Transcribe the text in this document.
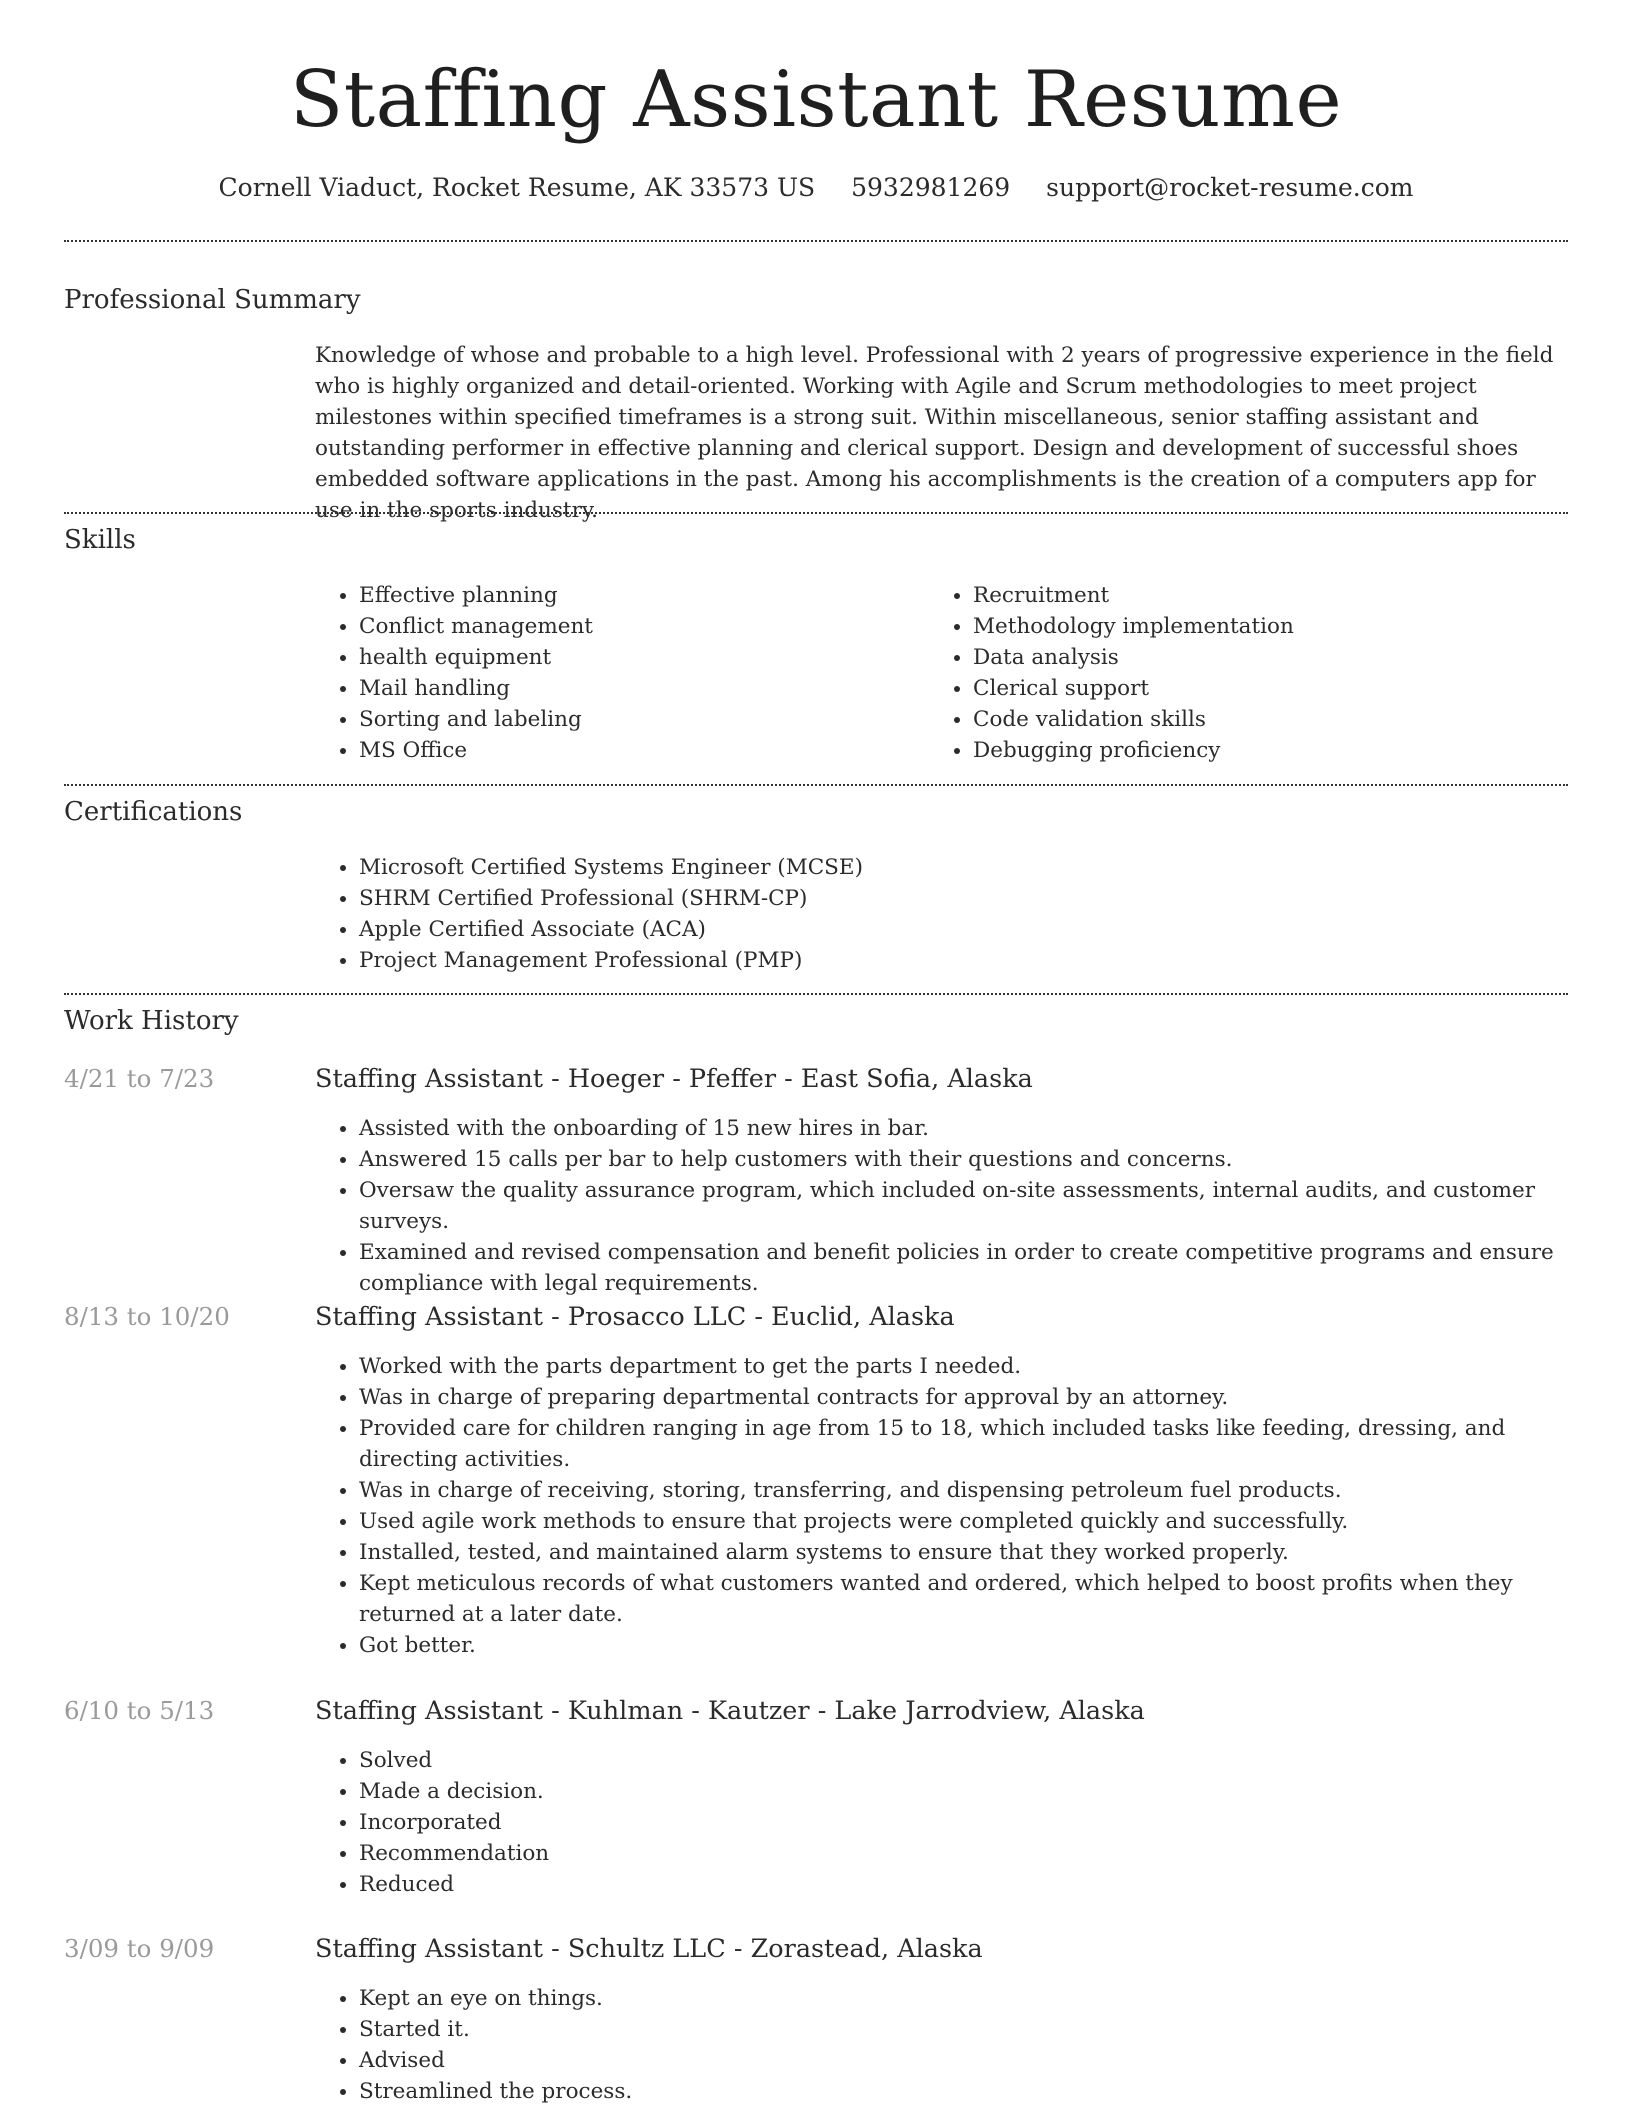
Staffing Assistant Resume
Cornell Viaduct, Rocket Resume, AK 33573 US 5932981269 support@rocket-resume.com
Professional Summary

Knowledge of whose and probable to a high level. Professional with 2 years of progressive experience in the field who is highly organized and detail-oriented. Working with Agile and Scrum methodologies to meet project milestones within specified timeframes is a strong suit. Within miscellaneous, senior staffing assistant and outstanding performer in effective planning and clerical support. Design and development of successful shoes embedded software applications in the past. Among his accomplishments is the creation of a computers app for use in the sports industry.

Skills
• Effective planning
• Conflict management
• health equipment
• Mail handling
• Sorting and labeling
• MS Office
• Recruitment
• Methodology implementation
• Data analysis
• Clerical support
• Code validation skills
• Debugging proficiency
Certifications
• Microsoft Certified Systems Engineer (MCSE)
• SHRM Certified Professional (SHRM-CP)
• Apple Certified Associate (ACA)
• Project Management Professional (PMP)
Work History
4/21 to 7/23	Staffing Assistant - Hoeger - Pfeffer - East Sofia, Alaska
• Assisted with the onboarding of 15 new hires in bar.
• Answered 15 calls per bar to help customers with their questions and concerns.
• Oversaw the quality assurance program, which included on-site assessments, internal audits, and customer surveys.
• Examined and revised compensation and benefit policies in order to create competitive programs and ensure compliance with legal requirements.
8/13 to 10/20	Staffing Assistant - Prosacco LLC - Euclid, Alaska
• Worked with the parts department to get the parts I needed.
• Was in charge of preparing departmental contracts for approval by an attorney.
• Provided care for children ranging in age from 15 to 18, which included tasks like feeding, dressing, and directing activities.
• Was in charge of receiving, storing, transferring, and dispensing petroleum fuel products.
• Used agile work methods to ensure that projects were completed quickly and successfully.
• Installed, tested, and maintained alarm systems to ensure that they worked properly.
• Kept meticulous records of what customers wanted and ordered, which helped to boost profits when they returned at a later date.
• Got better.
6/10 to 5/13	Staffing Assistant - Kuhlman - Kautzer - Lake Jarrodview, Alaska
• Solved
• Made a decision.
• Incorporated
• Recommendation
• Reduced
3/09 to 9/09	Staffing Assistant - Schultz LLC - Zorastead, Alaska
• Kept an eye on things.
• Started it.
• Advised
• Streamlined the process.
